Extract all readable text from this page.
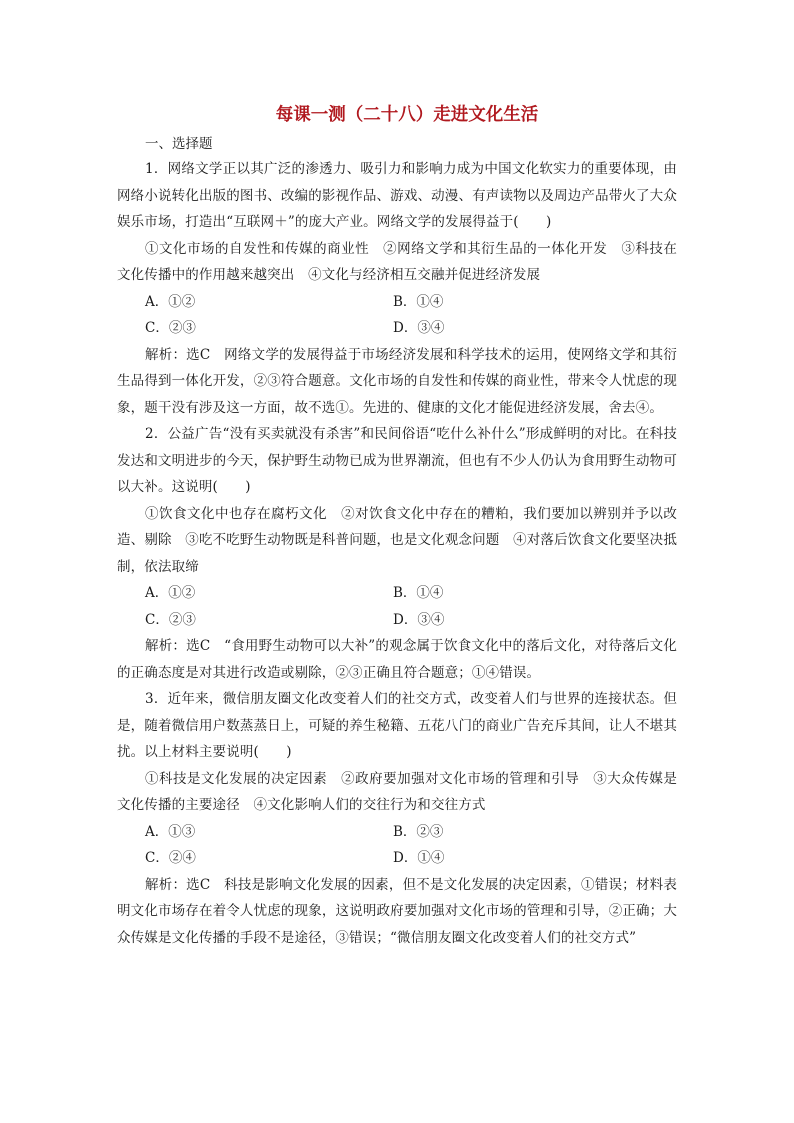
每课一测（二十八）走进文化生活
一、选择题

1．网络文学正以其广泛的渗透力、吸引力和影响力成为中国文化软实力的重要体现，由网络小说转化出版的图书、改编的影视作品、游戏、动漫、有声读物以及周边产品带火了大众娱乐市场，打造出“互联网＋”的庞大产业。网络文学的发展得益于(　　)

①文化市场的自发性和传媒的商业性　②网络文学和其衍生品的一体化开发　③科技在文化传播中的作用越来越突出　④文化与经济相互交融并促进经济发展

A．①②	B．①④
C．②③	D．③④

解析：选C　网络文学的发展得益于市场经济发展和科学技术的运用，使网络文学和其衍生品得到一体化开发，②③符合题意。文化市场的自发性和传媒的商业性，带来令人忧虑的现象，题干没有涉及这一方面，故不选①。先进的、健康的文化才能促进经济发展，舍去④。

2．公益广告“没有买卖就没有杀害”和民间俗语“吃什么补什么”形成鲜明的对比。在科技发达和文明进步的今天，保护野生动物已成为世界潮流，但也有不少人仍认为食用野生动物可以大补。这说明(　　)

①饮食文化中也存在腐朽文化　②对饮食文化中存在的糟粕，我们要加以辨别并予以改造、剔除　③吃不吃野生动物既是科普问题，也是文化观念问题　④对落后饮食文化要坚决抵制，依法取缔

A．①②	B．①④
C．②③	D．③④

解析：选C　“食用野生动物可以大补”的观念属于饮食文化中的落后文化，对待落后文化的正确态度是对其进行改造或剔除，②③正确且符合题意；①④错误。

3．近年来，微信朋友圈文化改变着人们的社交方式，改变着人们与世界的连接状态。但是，随着微信用户数蒸蒸日上，可疑的养生秘籍、五花八门的商业广告充斥其间，让人不堪其扰。以上材料主要说明(　　)

①科技是文化发展的决定因素　②政府要加强对文化市场的管理和引导　③大众传媒是文化传播的主要途径　④文化影响人们的交往行为和交往方式

A．①③	B．②③
C．②④	D．①④

解析：选C　科技是影响文化发展的因素，但不是文化发展的决定因素，①错误；材料表明文化市场存在着令人忧虑的现象，这说明政府要加强对文化市场的管理和引导，②正确；大众传媒是文化传播的手段不是途径，③错误；“微信朋友圈文化改变着人们的社交方式”
